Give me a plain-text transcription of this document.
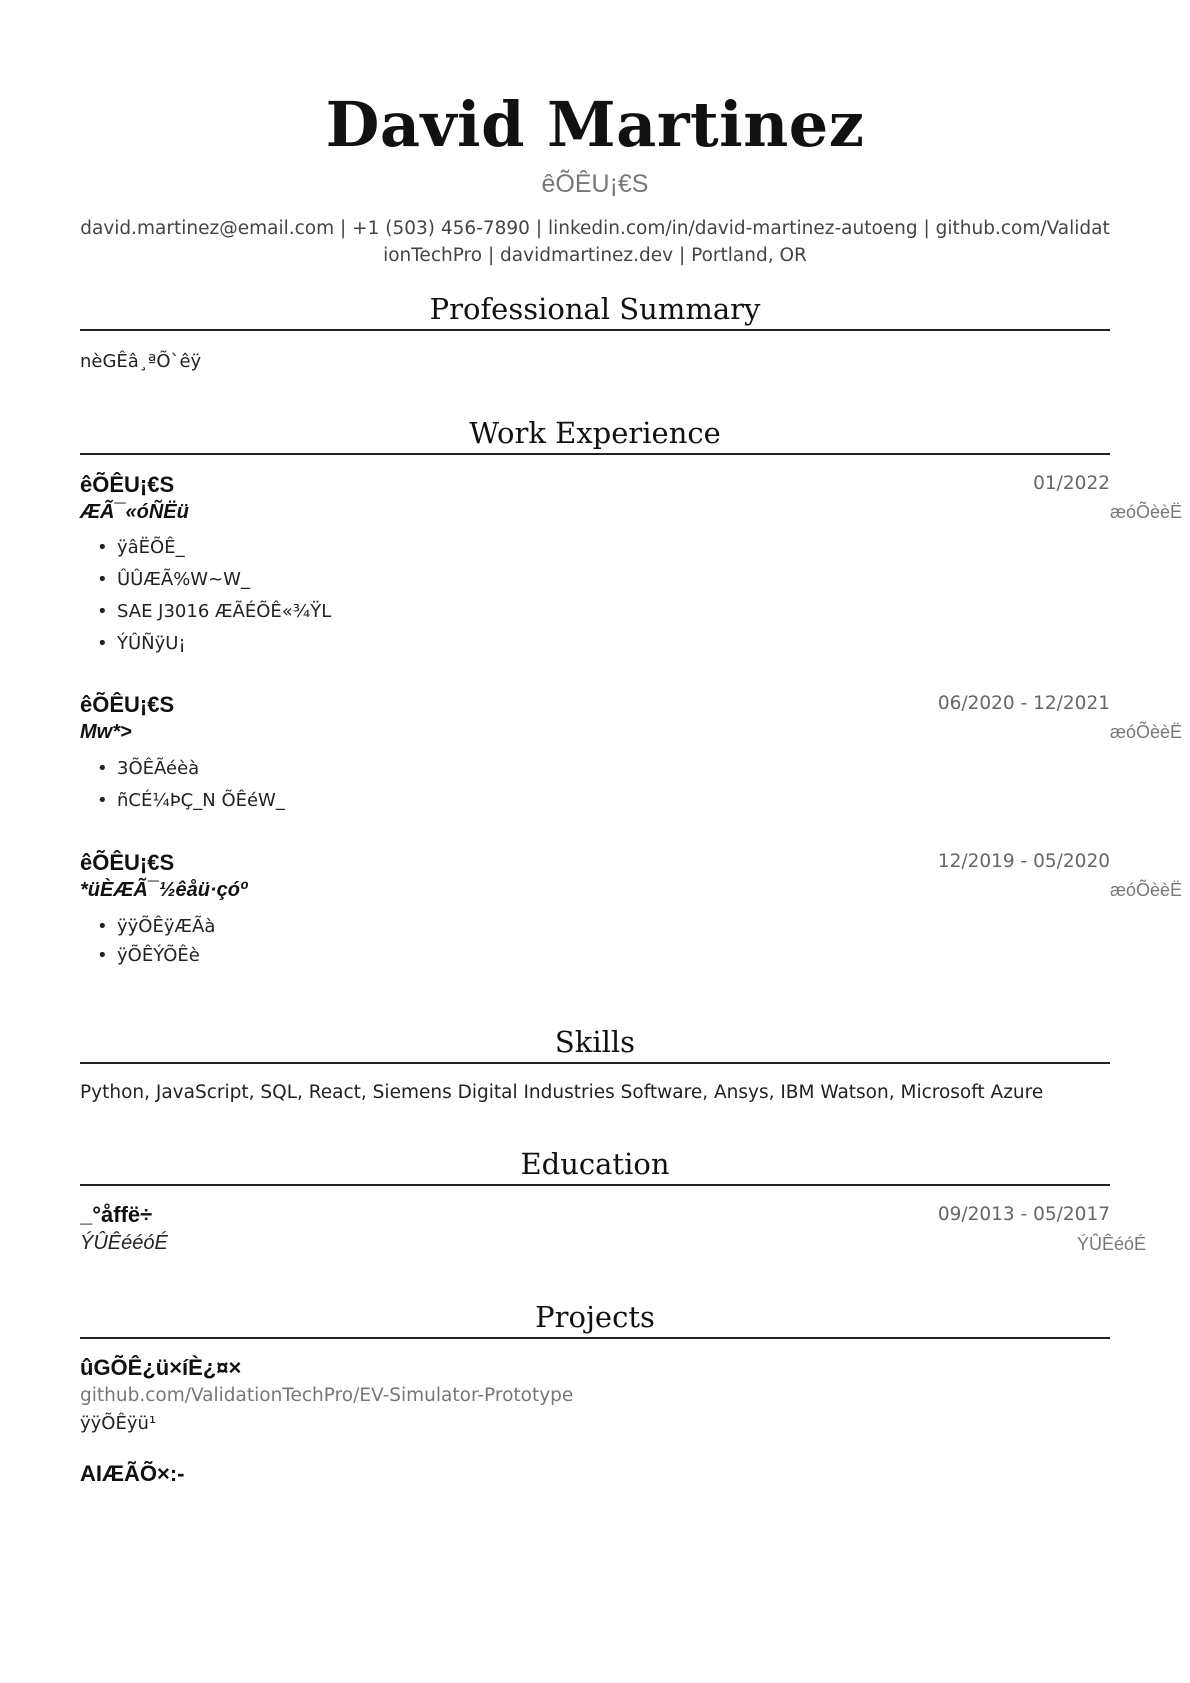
David Martinez
êÕÊU¡€S
david.martinez@email.com | +1 (503) 456-7890 | linkedin.com/in/david-martinez-autoeng | github.com/ValidationTechPro | davidmartinez.dev | Portland, OR
Professional Summary
nèGÊâ¸ªÕ`êÿ
Work Experience
êÕÊU¡€S	01/2022
ÆÃ¯«óÑËü	æóÕèèË
• ÿâËÕÊ_
• ÛÛÆÃ%W~W_
• SAE J3016 ÆÃÉÕÊ«¾ŸL
• ÝÛÑÿU¡
êÕÊU¡€S	06/2020 - 12/2021
Mw*>	æóÕèèË
• 3ÕÊÃéèà
• ñCÉ¼ÞÇ_N ÕÊéW_
êÕÊU¡€S	12/2019 - 05/2020
*üÈÆÃ¯½êåü·çóº	æóÕèèË
• ÿÿÕÊÿÆÃà
• ÿÕÊÝÕÊè
Skills
Python, JavaScript, SQL, React, Siemens Digital Industries Software, Ansys, IBM Watson, Microsoft Azure
Education
_°åffë÷	09/2013 - 05/2017
ÝÛÊééóÉ	ÝÛÊéóÉ
Projects
ûGÕÊ¿ü×íÈ¿¤×
github.com/ValidationTechPro/EV-Simulator-Prototype
ÿÿÕÊÿü¹
AIÆÃÕ×:-
